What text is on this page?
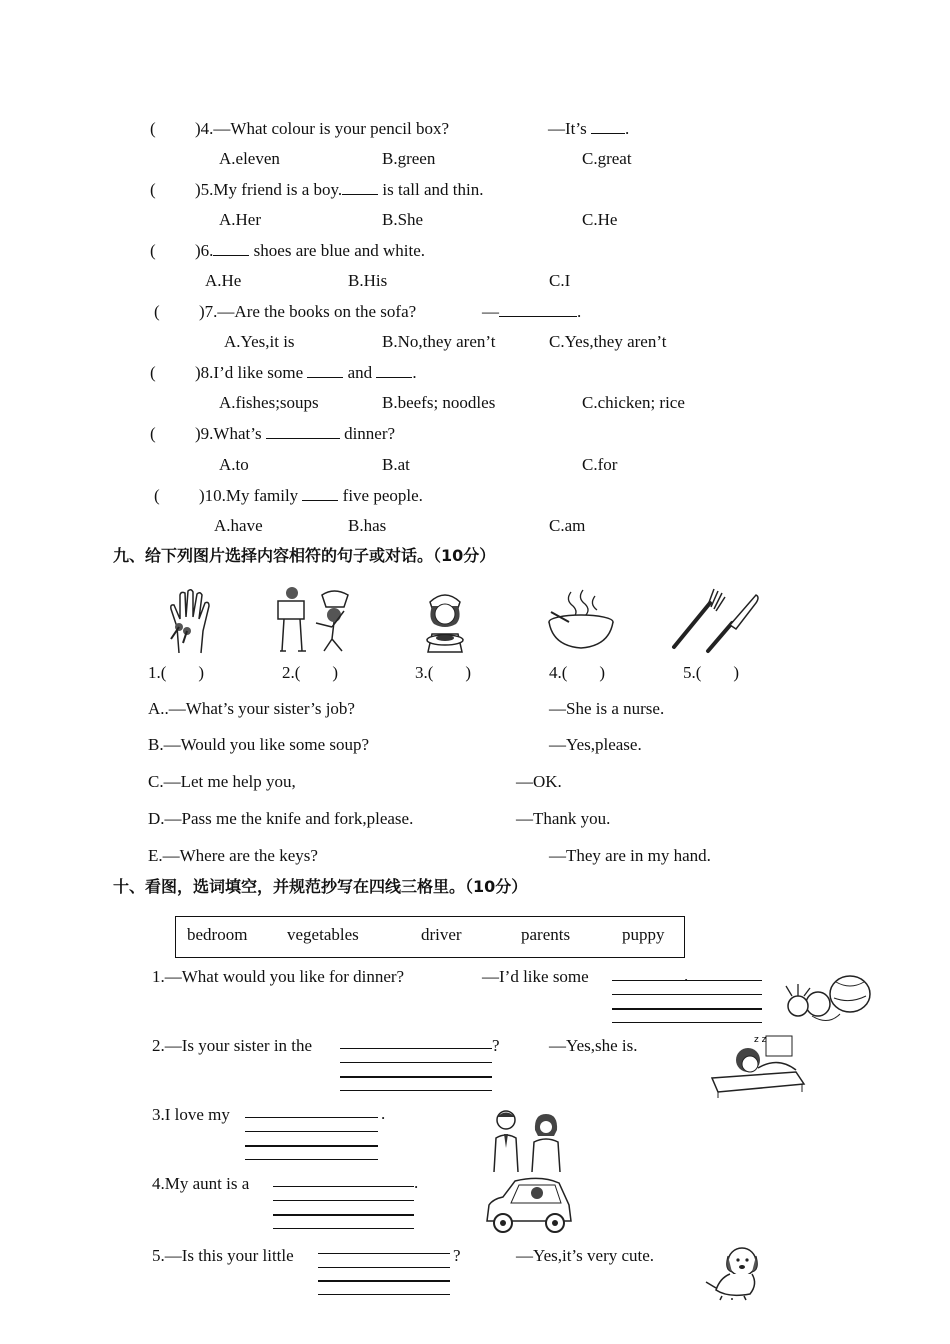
( )4.—What colour is your pencil box?	—It’s .
A.eleven	B.green	C.great
( )5.My friend is a boy. is tall and thin.
A.Her	B.She	C.He
( )6. shoes are blue and white.
A.He	B.His	C.I
( )7.—Are the books on the sofa?	—	.
A.Yes,it is	B.No,they aren’t	C.Yes,they aren’t
( )8.I’d like some	and .
A.fishes;soups	B.beefs; noodles	C.chicken; rice
( )9.What’s	dinner?
A.to	B.at	C.for
( )10.My family	five people.
A.have	B.has	C.am
九、给下列图片选择内容相符的句子或对话。（10分）
1.( )	2.( )	3.( )	4.( )	5.( )
A..—What’s your sister’s job?	—She is a nurse.
B.—Would you like some soup?	—Yes,please.
C.—Let me help you,	—OK.
D.—Pass me the knife and fork,please.	—Thank you.
E.—Where are the keys?	—They are in my hand.
十、看图，选词填空，并规范抄写在四线三格里。（10分）
bedroom vegetables	driver	parents	puppy
1.—What would you like for dinner?	—I’d like some	.
2.—Is your sister in the	?	—Yes,she is.	z z
3.I love my	.
4.My aunt is a	.
5.—Is this your little	?	—Yes,it’s very cute.
